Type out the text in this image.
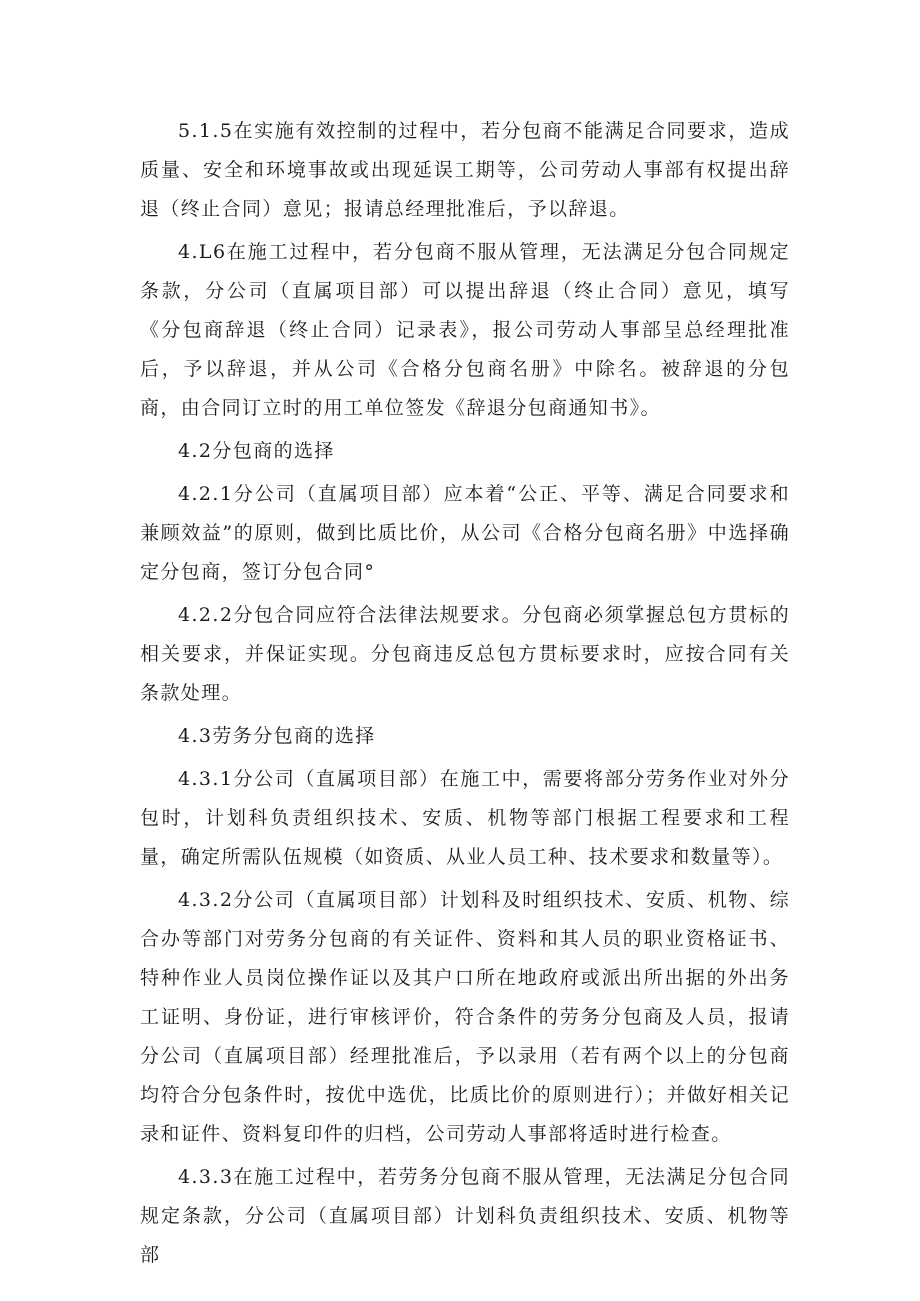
5.1.5在实施有效控制的过程中，若分包商不能满足合同要求，造成质量、安全和环境事故或出现延误工期等，公司劳动人事部有权提出辞退（终止合同）意见；报请总经理批准后，予以辞退。

4.L6在施工过程中，若分包商不服从管理，无法满足分包合同规定条款，分公司（直属项目部）可以提出辞退（终止合同）意见，填写《分包商辞退（终止合同）记录表》，报公司劳动人事部呈总经理批准后，予以辞退，并从公司《合格分包商名册》中除名。被辞退的分包商，由合同订立时的用工单位签发《辞退分包商通知书》。

4.2分包商的选择

4.2.1分公司（直属项目部）应本着“公正、平等、满足合同要求和兼顾效益”的原则，做到比质比价，从公司《合格分包商名册》中选择确定分包商，签订分包合同°

4.2.2分包合同应符合法律法规要求。分包商必须掌握总包方贯标的相关要求，并保证实现。分包商违反总包方贯标要求时，应按合同有关条款处理。

4.3劳务分包商的选择

4.3.1分公司（直属项目部）在施工中，需要将部分劳务作业对外分包时，计划科负责组织技术、安质、机物等部门根据工程要求和工程量，确定所需队伍规模（如资质、从业人员工种、技术要求和数量等）。

4.3.2分公司（直属项目部）计划科及时组织技术、安质、机物、综合办等部门对劳务分包商的有关证件、资料和其人员的职业资格证书、特种作业人员岗位操作证以及其户口所在地政府或派出所出据的外出务工证明、身份证，进行审核评价，符合条件的劳务分包商及人员，报请分公司（直属项目部）经理批准后，予以录用（若有两个以上的分包商均符合分包条件时，按优中选优，比质比价的原则进行）；并做好相关记录和证件、资料复印件的归档，公司劳动人事部将适时进行检查。

4.3.3在施工过程中，若劳务分包商不服从管理，无法满足分包合同规定条款，分公司（直属项目部）计划科负责组织技术、安质、机物等部
